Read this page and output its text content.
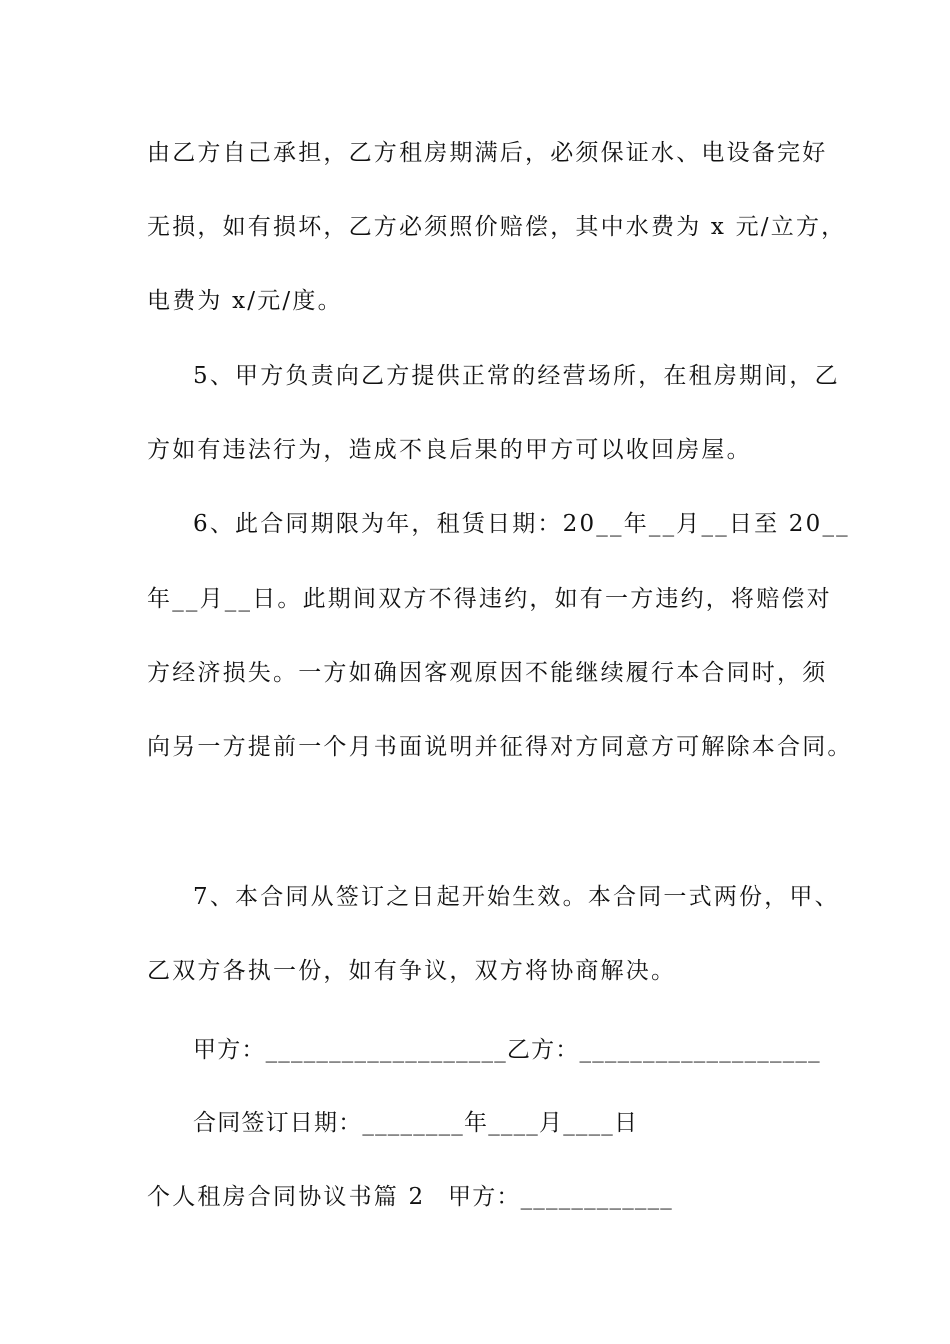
由乙方自己承担，乙方租房期满后，必须保证水、电设备完好
无损，如有损坏，乙方必须照价赔偿，其中水费为 x 元/立方，
电费为 x/元/度。
5、甲方负责向乙方提供正常的经营场所，在租房期间，乙
方如有违法行为，造成不良后果的甲方可以收回房屋。
6、此合同期限为年，租赁日期：20__年__月__日至 20__
年__月__日。此期间双方不得违约，如有一方违约，将赔偿对
方经济损失。一方如确因客观原因不能继续履行本合同时，须
向另一方提前一个月书面说明并征得对方同意方可解除本合同。
7、本合同从签订之日起开始生效。本合同一式两份，甲、
乙双方各执一份，如有争议，双方将协商解决。
甲方：___________________乙方：___________________
合同签订日期：________年____月____日
个人租房合同协议书篇 2 甲方：____________
